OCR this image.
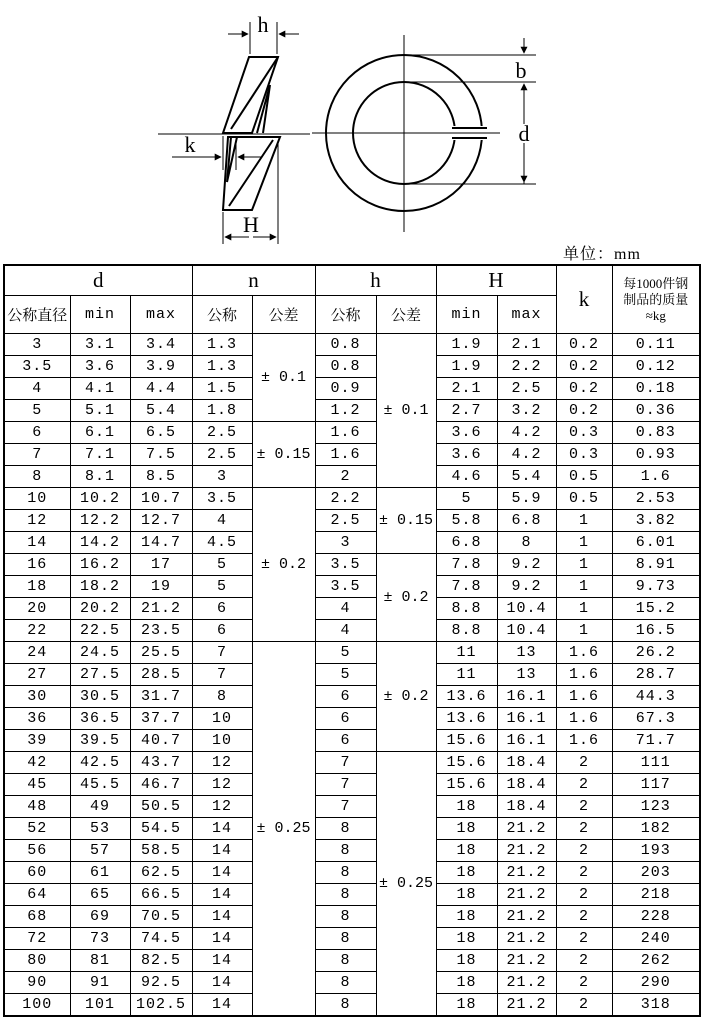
h
k
H
b
d
单位：mm
d			n		h		H		k	每1000件钢
制品的质量
≈kg

公称直径	min	max	公称	公差	公称	公差	min	max		
3	3.1	3.4	1.3	± 0.1	0.8	± 0.1	1.9	2.1	0.2	0.11
3.5	3.6	3.9	1.3		0.8		1.9	2.2	0.2	0.12
4	4.1	4.4	1.5		0.9		2.1	2.5	0.2	0.18
5	5.1	5.4	1.8		1.2		2.7	3.2	0.2	0.36
6	6.1	6.5	2.5	± 0.15	1.6		3.6	4.2	0.3	0.83
7	7.1	7.5	2.5		1.6		3.6	4.2	0.3	0.93
8	8.1	8.5	3		2		4.6	5.4	0.5	1.6
10	10.2	10.7	3.5	± 0.2	2.2	± 0.15	5	5.9	0.5	2.53
12	12.2	12.7	4		2.5		5.8	6.8	1	3.82
14	14.2	14.7	4.5		3		6.8	8	1	6.01
16	16.2	17	5		3.5	± 0.2	7.8	9.2	1	8.91
18	18.2	19	5		3.5		7.8	9.2	1	9.73
20	20.2	21.2	6		4		8.8	10.4	1	15.2
22	22.5	23.5	6		4		8.8	10.4	1	16.5
24	24.5	25.5	7	± 0.25	5	± 0.2	11	13	1.6	26.2
27	27.5	28.5	7		5		11	13	1.6	28.7
30	30.5	31.7	8		6		13.6	16.1	1.6	44.3
36	36.5	37.7	10		6		13.6	16.1	1.6	67.3
39	39.5	40.7	10		6		15.6	16.1	1.6	71.7
42	42.5	43.7	12		7	± 0.25	15.6	18.4	2	111
45	45.5	46.7	12		7		15.6	18.4	2	117
48	49	50.5	12		7		18	18.4	2	123
52	53	54.5	14		8		18	21.2	2	182
56	57	58.5	14		8		18	21.2	2	193
60	61	62.5	14		8		18	21.2	2	203
64	65	66.5	14		8		18	21.2	2	218
68	69	70.5	14		8		18	21.2	2	228
72	73	74.5	14		8		18	21.2	2	240
80	81	82.5	14		8		18	21.2	2	262
90	91	92.5	14		8		18	21.2	2	290
100	101	102.5	14		8		18	21.2	2	318
